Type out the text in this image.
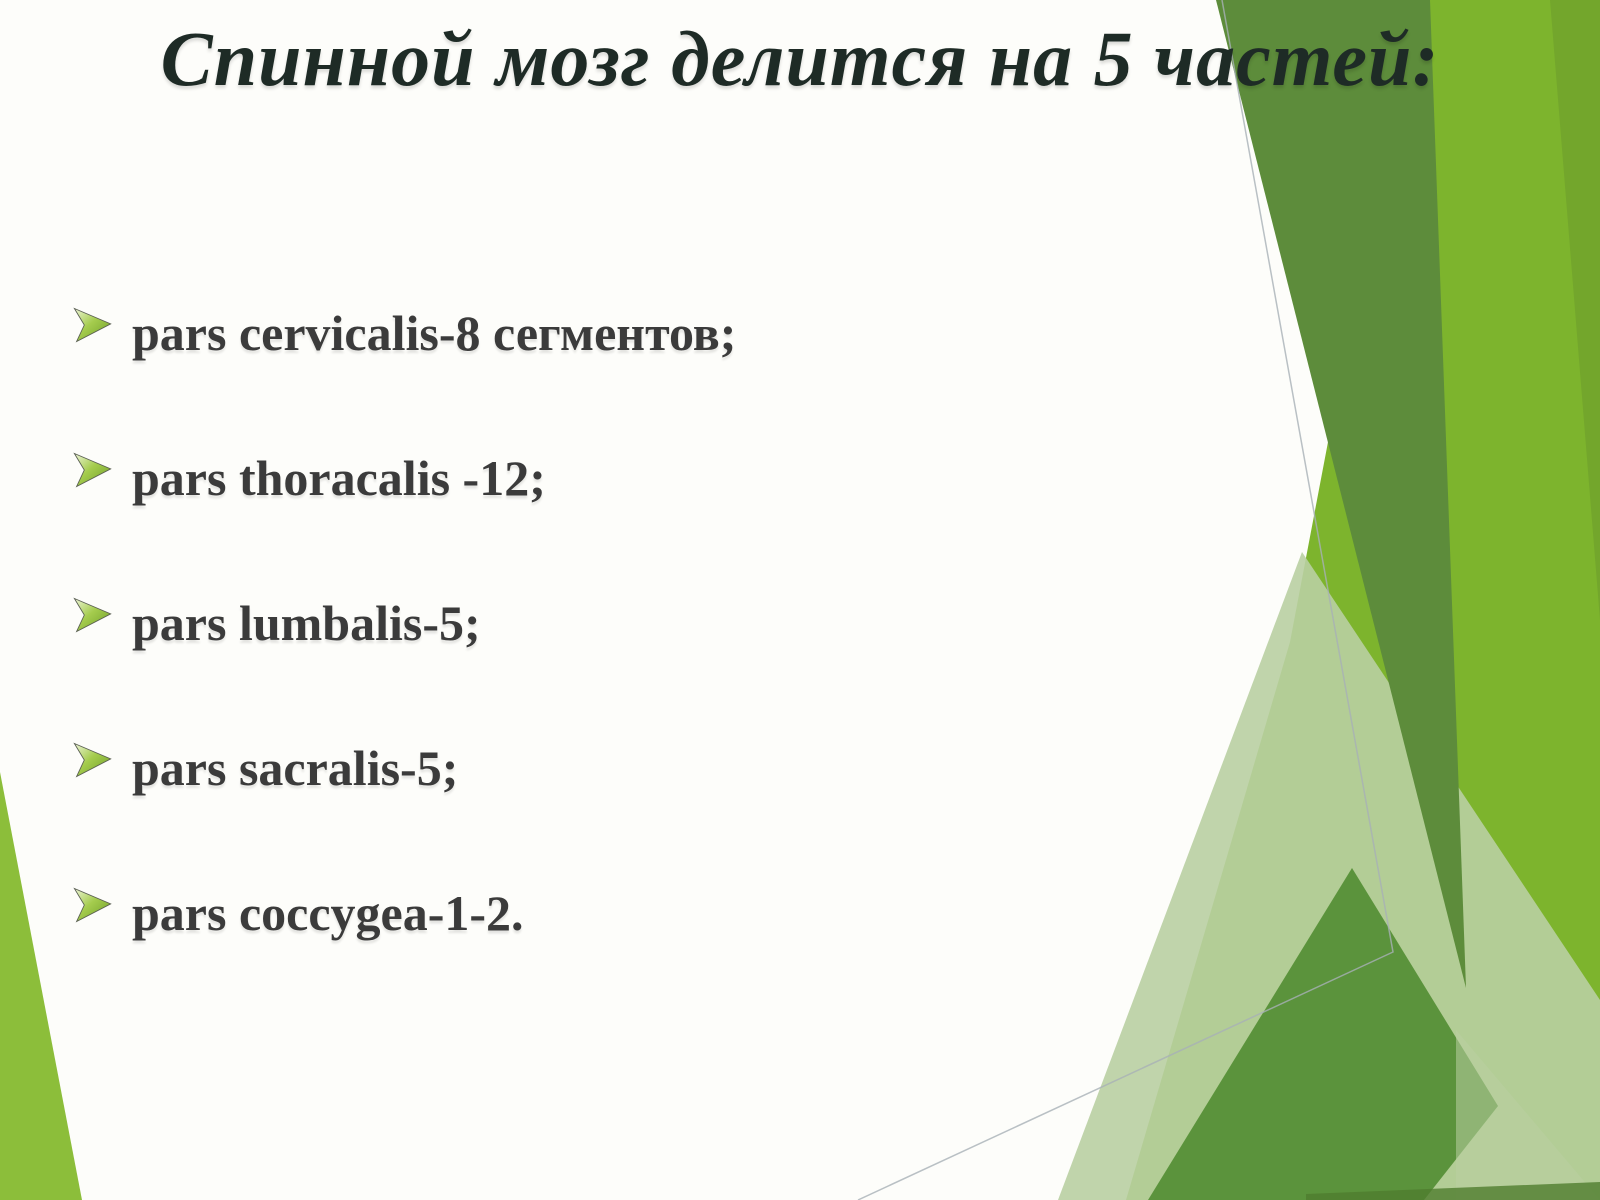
Спинной мозг делится на 5 частей:
pars cervicalis-8 сегментов;
pars thoracalis -12;
pars lumbalis-5;
pars sacralis-5;
pars coccygea-1-2.
